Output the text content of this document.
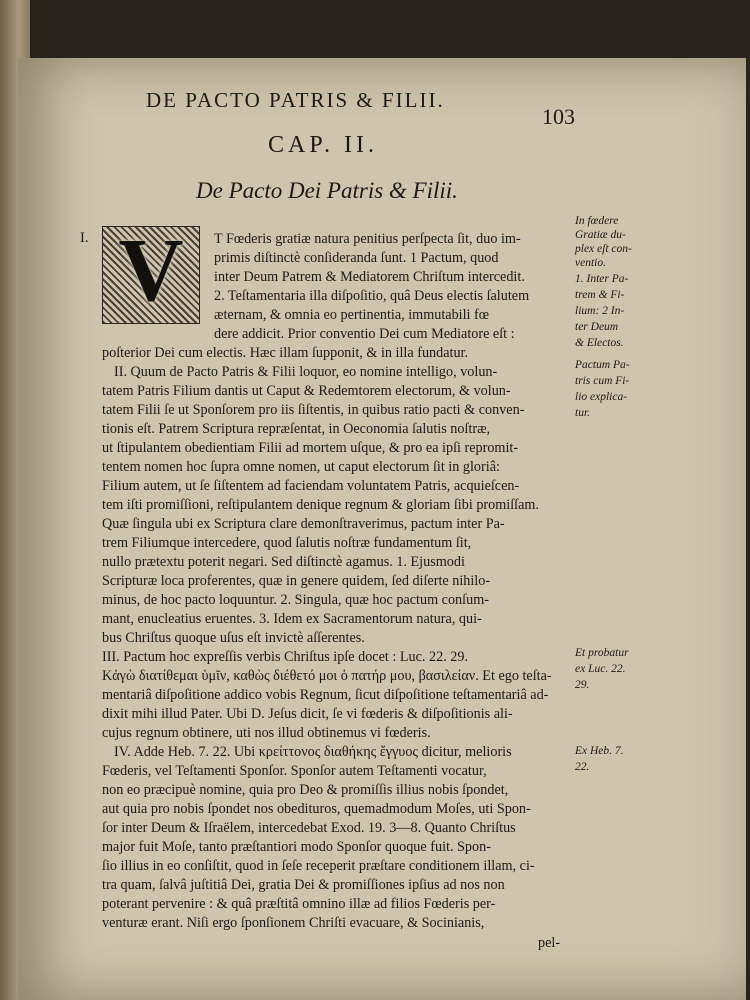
DE PACTO PATRIS & FILII.
103
CAP. II.
De Pacto Dei Patris & Filii.
V
I.	T Fœderis gratiæ natura penitius perſpecta ſit, duo im-
primis diſtinctè conſideranda ſunt. 1 Pactum, quod
inter Deum Patrem & Mediatorem Chriſtum intercedit.
2. Teſtamentaria illa diſpoſitio, quâ Deus electis ſalutem
æternam, & omnia eo pertinentia, immutabili fœ
dere addicit. Prior conventio Dei cum Mediatore eſt :
poſterior Dei cum electis. Hæc illam ſupponit, & in illa fundatur.
II. Quum de Pacto Patris & Filii loquor, eo nomine intelligo, volun-
tatem Patris Filium dantis ut Caput & Redemtorem electorum, & volun-
tatem Filii ſe ut Sponſorem pro iis ſiſtentis, in quibus ratio pacti & conven-
tionis eſt. Patrem Scriptura repræſentat, in Oeconomia ſalutis noſtræ,
ut ſtipulantem obedientiam Filii ad mortem uſque, & pro ea ipſi repromit-
tentem nomen hoc ſupra omne nomen, ut caput electorum ſit in gloriâ:
Filium autem, ut ſe ſiſtentem ad faciendam voluntatem Patris, acquieſcen-
tem iſti promiſſioni, reſtipulantem denique regnum & gloriam ſibi promiſſam.
Quæ ſingula ubi ex Scriptura clare demonſtraverimus, pactum inter Pa-
trem Filiumque intercedere, quod ſalutis noſtræ fundamentum ſit,
nullo prætextu poterit negari. Sed diſtinctè agamus. 1. Ejusmodi
Scripturæ loca proferentes, quæ in genere quidem, ſed diſerte nihilo-
minus, de hoc pacto loquuntur. 2. Singula, quæ hoc pactum conſum-
mant, enucleatius eruentes. 3. Idem ex Sacramentorum natura, qui-
bus Chriſtus quoque uſus eſt invictè aſſerentes.
III. Pactum hoc expreſſis verbis Chriſtus ipſe docet : Luc. 22. 29.
Κἀγὼ διατίθεμαι ὑμῖν, καθὼς διέθετό μοι ὁ πατήρ μου, βασιλείαν. Et ego teſta-
mentariâ diſpoſitione addico vobis Regnum, ſicut diſpoſitione teſtamentariâ ad-
dixit mihi illud Pater. Ubi D. Jeſus dicit, ſe vi fœderis & diſpoſitionis ali-
cujus regnum obtinere, uti nos illud obtinemus vi fœderis.
IV. Adde Heb. 7. 22. Ubi κρείττονος διαθήκης ἔγγυος dicitur, melioris
Fœderis, vel Teſtamenti Sponſor. Sponſor autem Teſtamenti vocatur,
non eo præcipuè nomine, quia pro Deo & promiſſis illius nobis ſpondet,
aut quia pro nobis ſpondet nos obedituros, quemadmodum Moſes, uti Spon-
ſor inter Deum & Iſraëlem, intercedebat Exod. 19. 3—8. Quanto Chriſtus
major fuit Moſe, tanto præſtantiori modo Sponſor quoque fuit. Spon-
ſio illius in eo conſiſtit, quod in ſeſe receperit præſtare conditionem illam, ci-
tra quam, ſalvâ juſtitiâ Dei, gratia Dei & promiſſiones ipſius ad nos non
poterant pervenire : & quâ præſtitâ omnino illæ ad filios Fœderis per-
venturæ erant. Niſi ergo ſponſionem Chriſti evacuare, & Socinianis,
pel-
In fœdere
Gratiæ du-
plex eſt con-
ventio.
1. Inter Pa-
trem & Fi-
lium: 2 In-
ter Deum
& Electos.
Pactum Pa-
tris cum Fi-
lio explica-
tur.
Et probatur
ex Luc. 22.
29.
Ex Heb. 7.
22.
